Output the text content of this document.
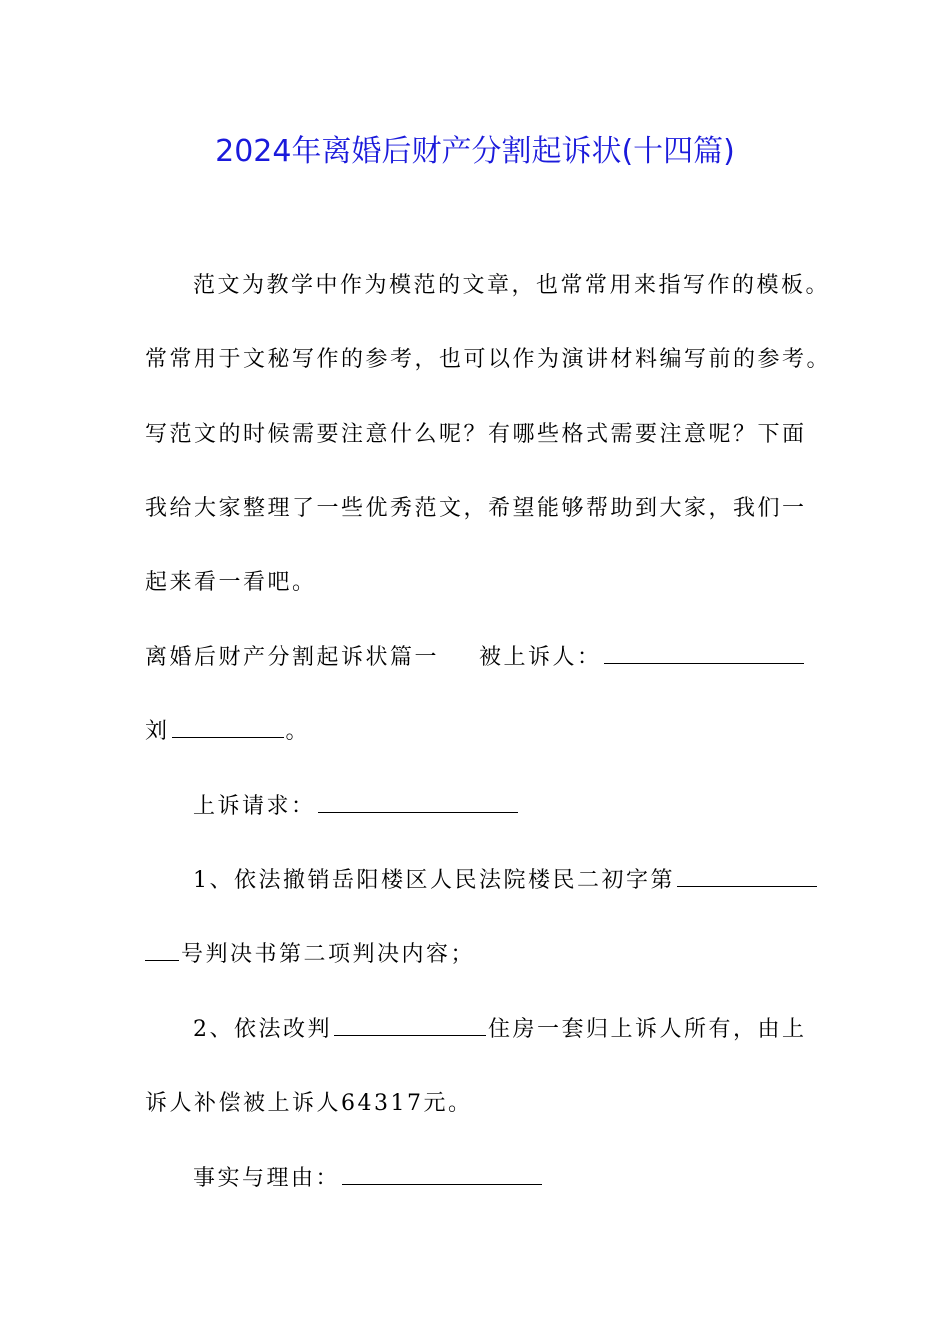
2024年离婚后财产分割起诉状(十四篇)
范文为教学中作为模范的文章，也常常用来指写作的模板。
常常用于文秘写作的参考，也可以作为演讲材料编写前的参考。
写范文的时候需要注意什么呢？有哪些格式需要注意呢？下面
我给大家整理了一些优秀范文，希望能够帮助到大家，我们一
起来看一看吧。
离婚后财产分割起诉状篇一 被上诉人：
刘	。
上诉请求：
1、依法撤销岳阳楼区人民法院楼民二初字第
号判决书第二项判决内容；
2、依法改判	住房一套归上诉人所有，由上
诉人补偿被上诉人64317元。
事实与理由：
